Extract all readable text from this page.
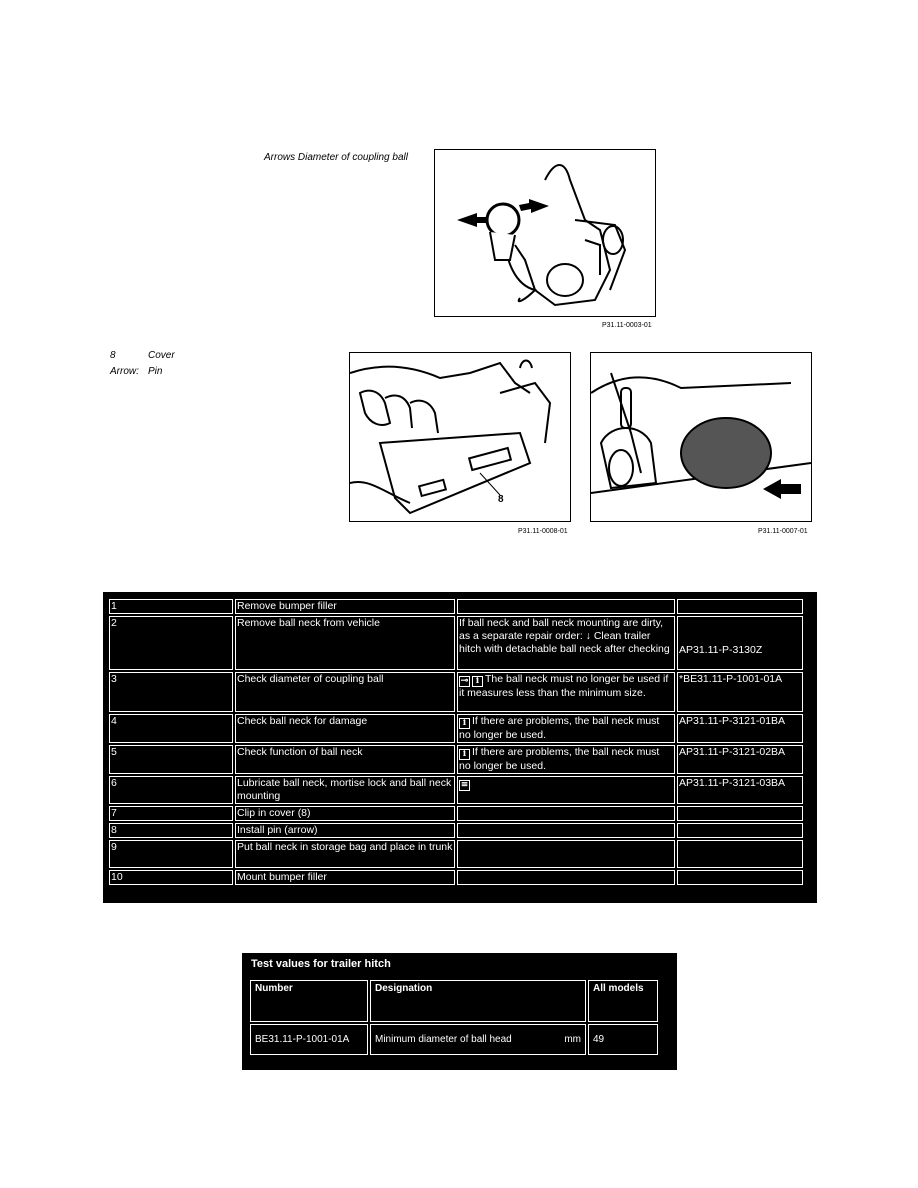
Arrows Diameter of coupling ball
P31.11-0003-01
8	Cover
Arrow: Pin
8
P31.11-0008-01	P31.11-0007-01
1	Remove bumper filler		
2	Remove ball neck from vehicle	If ball neck and ball neck mounting are dirty, as a separate repair order: ↓ Clean trailer hitch with detachable ball neck after checking	AP31.11-P-3130Z
3	Check diameter of coupling ball	⊸ i The ball neck must no longer be used if it measures less than the minimum size.	*BE31.11-P-1001-01A
4	Check ball neck for damage	i If there are problems, the ball neck must no longer be used.	AP31.11-P-3121-01BA
5	Check function of ball neck	i If there are problems, the ball neck must no longer be used.	AP31.11-P-3121-02BA
6	Lubricate ball neck, mortise lock and ball neck mounting	≡	AP31.11-P-3121-03BA
7	Clip in cover (8)		
8	Install pin (arrow)		
9	Put ball neck in storage bag and place in trunk		
10	Mount bumper filler		
Test values for trailer hitch
Number	Designation	All models
BE31.11-P-1001-01A	Minimum diameter of ball head mm	49
